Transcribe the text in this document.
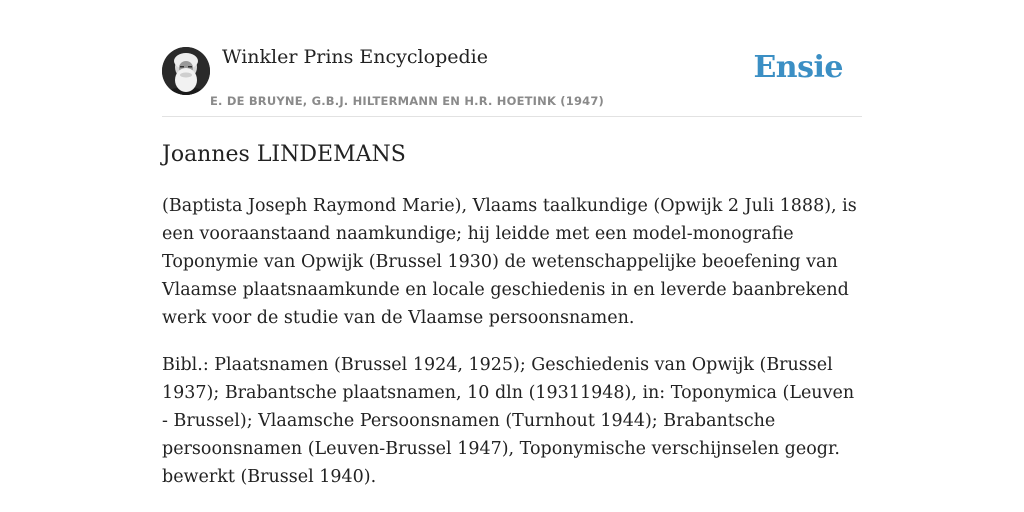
Winkler Prins Encyclopedie
E. DE BRUYNE, G.B.J. HILTERMANN EN H.R. HOETINK (1947)
Ensie
Joannes LINDEMANS

(Baptista Joseph Raymond Marie), Vlaams taalkundige (Opwijk 2 Juli 1888), is een vooraanstaand naamkundige; hij leidde met een model-monografie Toponymie van Opwijk (Brussel 1930) de wetenschappelijke beoefening van Vlaamse plaatsnaamkunde en locale geschiedenis in en leverde baanbrekend werk voor de studie van de Vlaamse persoonsnamen.

Bibl.: Plaatsnamen (Brussel 1924, 1925); Geschiedenis van Opwijk (Brussel 1937); Brabantsche plaatsnamen, 10 dln (19311948), in: Toponymica (Leuven - Brussel); Vlaamsche Persoonsnamen (Turnhout 1944); Brabantsche persoonsnamen (Leuven-Brussel 1947), Toponymische verschijnselen geogr. bewerkt (Brussel 1940).
